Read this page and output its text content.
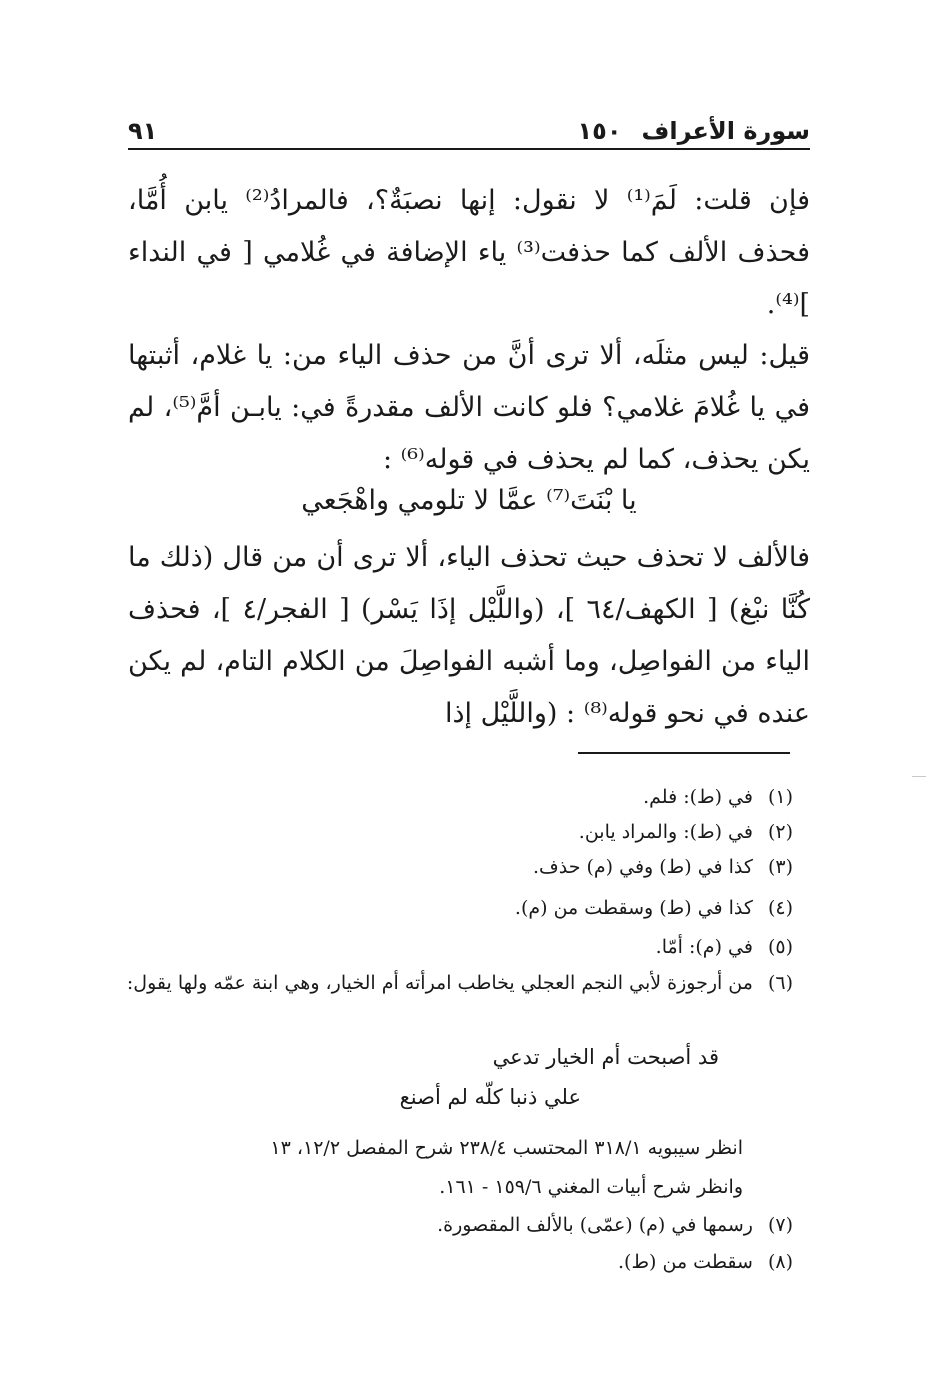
سورة الأعراف١٥٠
٩١
فإن قلت: لَمَ⁽¹⁾ لا نقول: إنها نصبَةٌ؟، فالمرادُ⁽²⁾ يابن أُمَّا، فحذف الألف كما حذفت⁽³⁾ ياء الإضافة في غُلامي [ في النداء ]⁽⁴⁾.
قيل: ليس مثلَه، ألا ترى أنَّ من حذف الياء من: يا غلام، أثبتها في يا غُلامَ غلامي؟ فلو كانت الألف مقدرةً في: يابـن أمَّ⁽⁵⁾، لم يكن يحذف، كما لم يحذف في قوله⁽⁶⁾ :
يا بْنَتَ⁽⁷⁾ عمَّا لا تلومي واهْجَعي
فالألف لا تحذف حيث تحذف الياء، ألا ترى أن من قال (ذلك ما كُنَّا نبْغ) [ الكهف/٦٤ ]، (واللَّيْل إذَا يَسْر) [ الفجر/٤ ]، فحذف الياء من الفواصِل، وما أشبه الفواصِلَ من الكلام التام، لم يكن عنده في نحو قوله⁽⁸⁾ : (واللَّيْل إذا
(١) في (ط): فلم.
(٢) في (ط): والمراد يابن.
(٣) كذا في (ط) وفي (م) حذف.
(٤) كذا في (ط) وسقطت من (م).
(٥) في (م): أمّا.
(٦) من أرجوزة لأبي النجم العجلي يخاطب امرأته أم الخيار، وهي ابنة عمّه ولها يقول:
قد أصبحت أم الخيار تدعي
علي ذنبا كلّه لم أصنع
انظر سيبويه ٣١٨/١ المحتسب ٢٣٨/٤ شرح المفصل ١٢/٢، ١٣
وانظر شرح أبيات المغني ١٥٩/٦ - ١٦١.
(٧) رسمها في (م) (عمّى) بالألف المقصورة.
(٨) سقطت من (ط).
